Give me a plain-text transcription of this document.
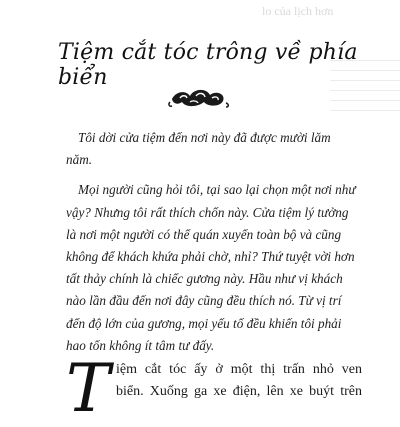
lo của lịch hơn
Tiệm cắt tóc trông về phía biển

Tôi dời cửa tiệm đến nơi này đã được mười lăm năm.

Mọi người cũng hỏi tôi, tại sao lại chọn một nơi như vậy? Nhưng tôi rất thích chốn này. Cửa tiệm lý tưởng là nơi một người có thể quán xuyến toàn bộ và cũng không để khách khứa phải chờ, nhỉ? Thứ tuyệt vời hơn tất thảy chính là chiếc gương này. Hầu như vị khách nào lần đầu đến nơi đây cũng đều thích nó. Từ vị trí đến độ lớn của gương, mọi yếu tố đều khiến tôi phải hao tổn không ít tâm tư đấy.

T iệm cắt tóc ấy ở một thị trấn nhỏ ven
biển. Xuống ga xe điện, lên xe buýt trên
